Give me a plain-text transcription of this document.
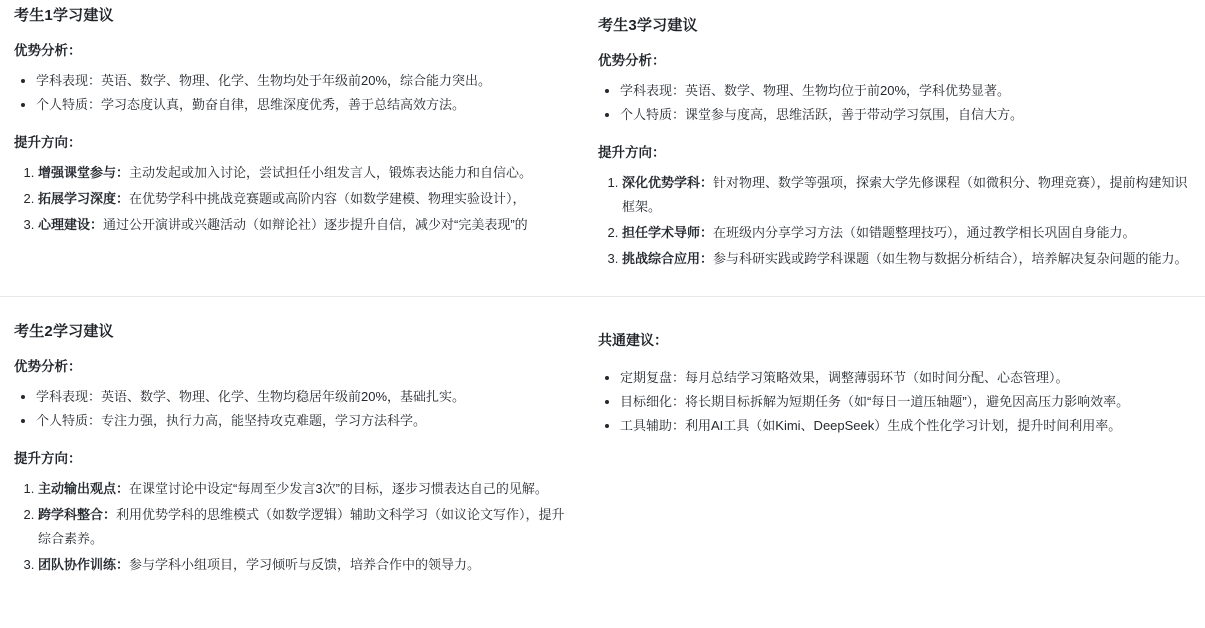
考生1学习建议
优势分析：
• 学科表现：英语、数学、物理、化学、生物均处于年级前20%，综合能力突出。
• 个人特质：学习态度认真，勤奋自律，思维深度优秀，善于总结高效方法。
提升方向：
1. 增强课堂参与：主动发起或加入讨论，尝试担任小组发言人，锻炼表达能力和自信心。
2. 拓展学习深度：在优势学科中挑战竞赛题或高阶内容（如数学建模、物理实验设计），
3. 心理建设：通过公开演讲或兴趣活动（如辩论社）逐步提升自信，减少对“完美表现”的
考生3学习建议
优势分析：
• 学科表现：英语、数学、物理、生物均位于前20%，学科优势显著。
• 个人特质：课堂参与度高，思维活跃，善于带动学习氛围，自信大方。
提升方向：
1. 深化优势学科：针对物理、数学等强项，探索大学先修课程（如微积分、物理竞赛），提前构建知识框架。
2. 担任学术导师：在班级内分享学习方法（如错题整理技巧），通过教学相长巩固自身能力。
3. 挑战综合应用：参与科研实践或跨学科课题（如生物与数据分析结合），培养解决复杂问题的能力。
考生2学习建议
优势分析：
• 学科表现：英语、数学、物理、化学、生物均稳居年级前20%，基础扎实。
• 个人特质：专注力强，执行力高，能坚持攻克难题，学习方法科学。
提升方向：
1. 主动输出观点：在课堂讨论中设定“每周至少发言3次”的目标，逐步习惯表达自己的见解。
2. 跨学科整合：利用优势学科的思维模式（如数学逻辑）辅助文科学习（如议论文写作），提升综合素养。
3. 团队协作训练：参与学科小组项目，学习倾听与反馈，培养合作中的领导力。
共通建议：
• 定期复盘：每月总结学习策略效果，调整薄弱环节（如时间分配、心态管理）。
• 目标细化：将长期目标拆解为短期任务（如“每日一道压轴题”），避免因高压力影响效率。
• 工具辅助：利用AI工具（如Kimi、DeepSeek）生成个性化学习计划，提升时间利用率。
